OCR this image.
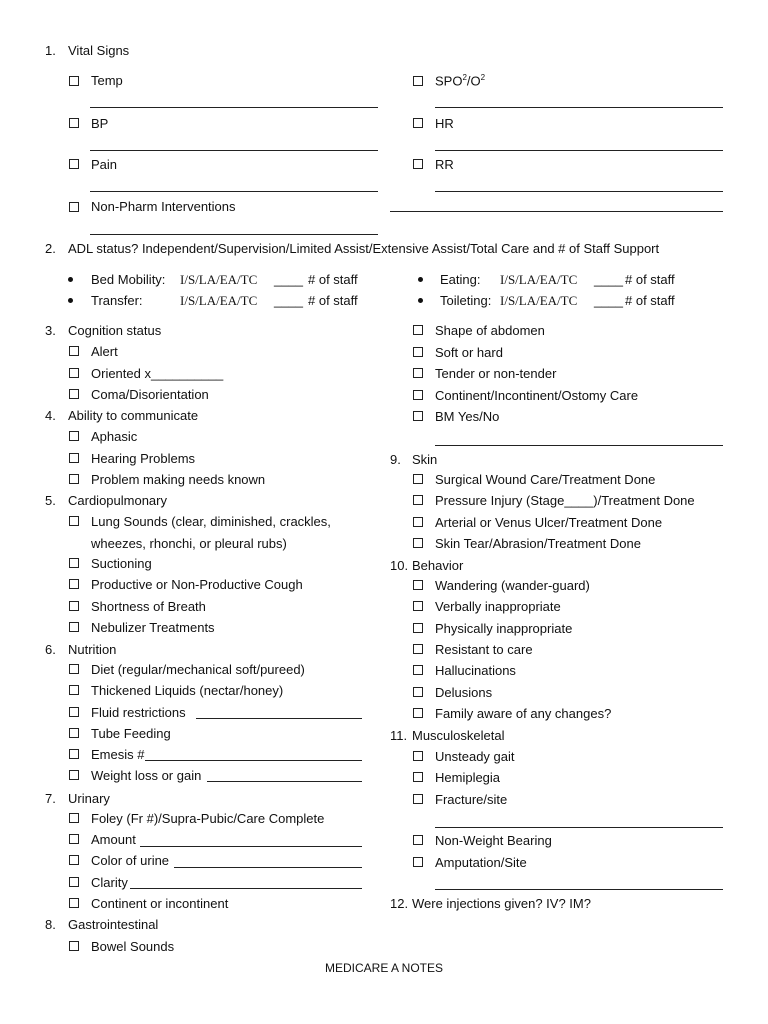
1. Vital Signs
Temp	$SPO^2/O^2$
BP	HR
Pain	RR
Non-Pharm Interventions
2. ADL status? Independent/Supervision/Limited Assist/Extensive Assist/Total Care and # of Staff Support
Bed Mobility: I/S/LA/EA/TC ____ # of staff
Transfer:	I/S/LA/EA/TC ____ # of staff
Eating: I/S/LA/EA/TC ____ # of staff
Toileting: I/S/LA/EA/TC ____ # of staff
3. Cognition status
Alert
Oriented x__________
Coma/Disorientation
4. Ability to communicate
Aphasic
Hearing Problems
Problem making needs known
5. Cardiopulmonary
Lung Sounds (clear, diminished, crackles,
wheezes, rhonchi, or pleural rubs)
Suctioning
Productive or Non-Productive Cough
Shortness of Breath
Nebulizer Treatments
6. Nutrition
Diet (regular/mechanical soft/pureed)
Thickened Liquids (nectar/honey)
Fluid restrictions
Tube Feeding
Emesis #
Weight loss or gain
7. Urinary
Foley (Fr #)/Supra-Pubic/Care Complete
Amount
Color of urine
Clarity
Continent or incontinent
8. Gastrointestinal
Bowel Sounds
Shape of abdomen
Soft or hard
Tender or non-tender
Continent/Incontinent/Ostomy Care
BM Yes/No
9. Skin
Surgical Wound Care/Treatment Done
Pressure Injury (Stage____)/Treatment Done
Arterial or Venus Ulcer/Treatment Done
Skin Tear/Abrasion/Treatment Done
10. Behavior
Wandering (wander-guard)
Verbally inappropriate
Physically inappropriate
Resistant to care
Hallucinations
Delusions
Family aware of any changes?
11. Musculoskeletal
Unsteady gait
Hemiplegia
Fracture/site
Non-Weight Bearing
Amputation/Site
12. Were injections given? IV? IM?
MEDICARE A NOTES
